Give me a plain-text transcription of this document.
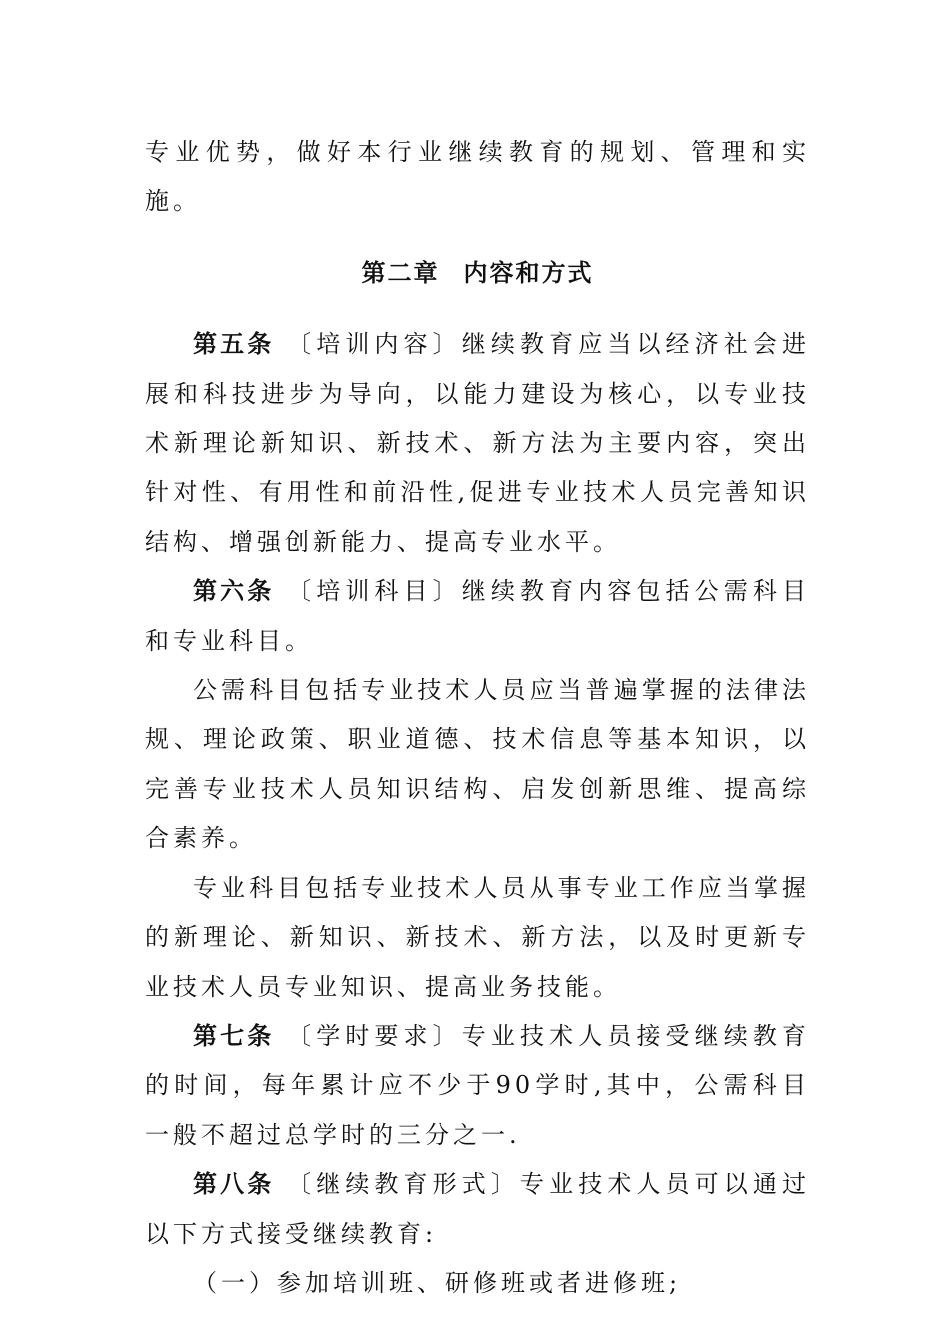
专业优势，做好本行业继续教育的规划、管理和实施。

第二章 内容和方式

第五条 〔培训内容〕继续教育应当以经济社会进展和科技进步为导向，以能力建设为核心，以专业技术新理论新知识、新技术、新方法为主要内容，突出针对性、有用性和前沿性,促进专业技术人员完善知识结构、增强创新能力、提高专业水平。

第六条 〔培训科目〕继续教育内容包括公需科目和专业科目。

公需科目包括专业技术人员应当普遍掌握的法律法规、理论政策、职业道德、技术信息等基本知识，以完善专业技术人员知识结构、启发创新思维、提高综合素养。

专业科目包括专业技术人员从事专业工作应当掌握的新理论、新知识、新技术、新方法，以及时更新专业技术人员专业知识、提高业务技能。

第七条 〔学时要求〕专业技术人员接受继续教育的时间，每年累计应不少于90学时,其中，公需科目一般不超过总学时的三分之一.

第八条 〔继续教育形式〕专业技术人员可以通过以下方式接受继续教育:

（一）参加培训班、研修班或者进修班;
